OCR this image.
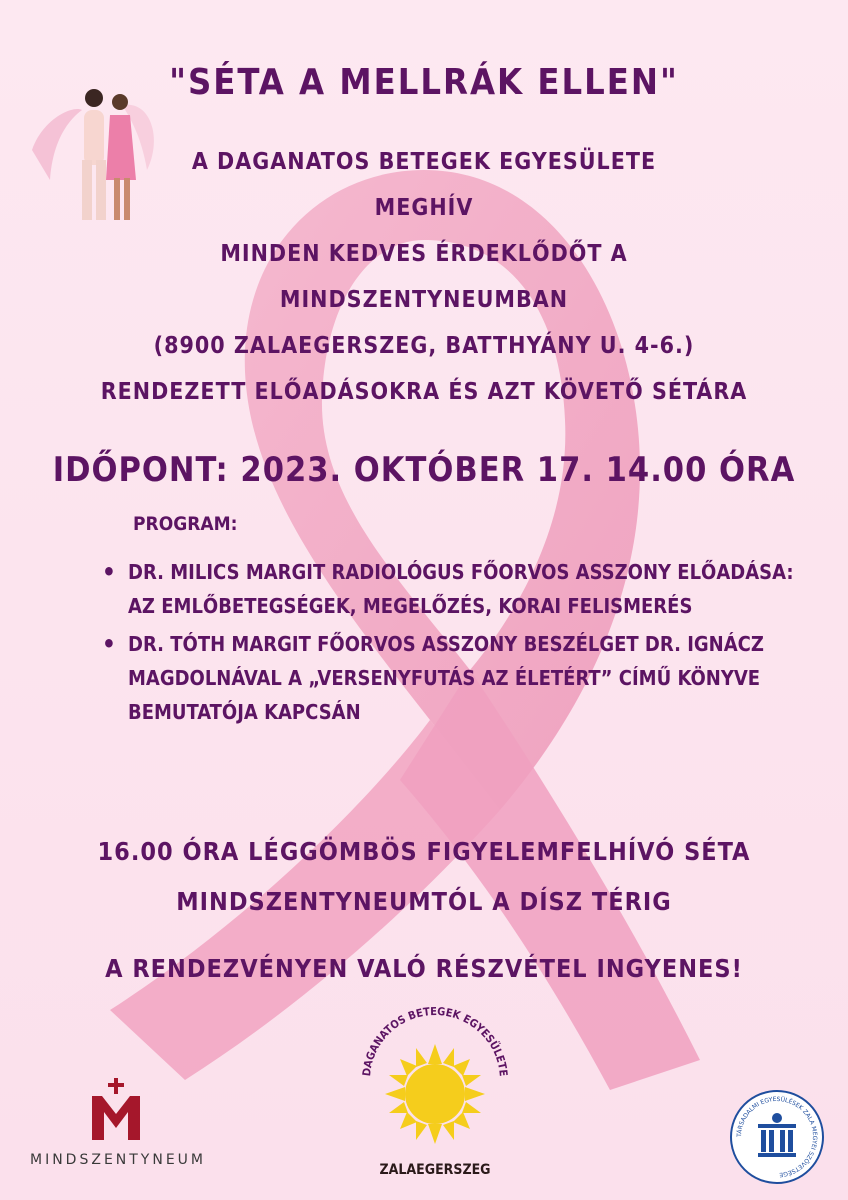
"SÉTA A MELLRÁK ELLEN"
A DAGANATOS BETEGEK EGYESÜLETE
MEGHÍV
MINDEN KEDVES ÉRDEKLŐDŐT A
MINDSZENTYNEUMBAN
(8900 ZALAEGERSZEG, BATTHYÁNY U. 4-6.)
RENDEZETT ELŐADÁSOKRA ÉS AZT KÖVETŐ SÉTÁRA
IDŐPONT: 2023. OKTÓBER 17. 14.00 ÓRA
PROGRAM:
• DR. MILICS MARGIT RADIOLÓGUS FŐORVOS ASSZONY ELŐADÁSA: AZ EMLŐBETEGSÉGEK, MEGELŐZÉS, KORAI FELISMERÉS
• DR. TÓTH MARGIT FŐORVOS ASSZONY BESZÉLGET DR. IGNÁCZ MAGDOLNÁVAL A „VERSENYFUTÁS AZ ÉLETÉRT” CÍMŰ KÖNYVE BEMUTATÓJA KAPCSÁN
16.00 ÓRA LÉGGÖMBÖS FIGYELEMFELHÍVÓ SÉTA
MINDSZENTYNEUMTÓL A DÍSZ TÉRIG
A RENDEZVÉNYEN VALÓ RÉSZVÉTEL INGYENES!
MINDSZENTYNEUM
DAGANATOS BETEGEK EGYESÜLETE
ZALAEGERSZEG
TÁRSADALMI EGYESÜLÉSEK ZALA MEGYEI SZÖVETSÉGE
